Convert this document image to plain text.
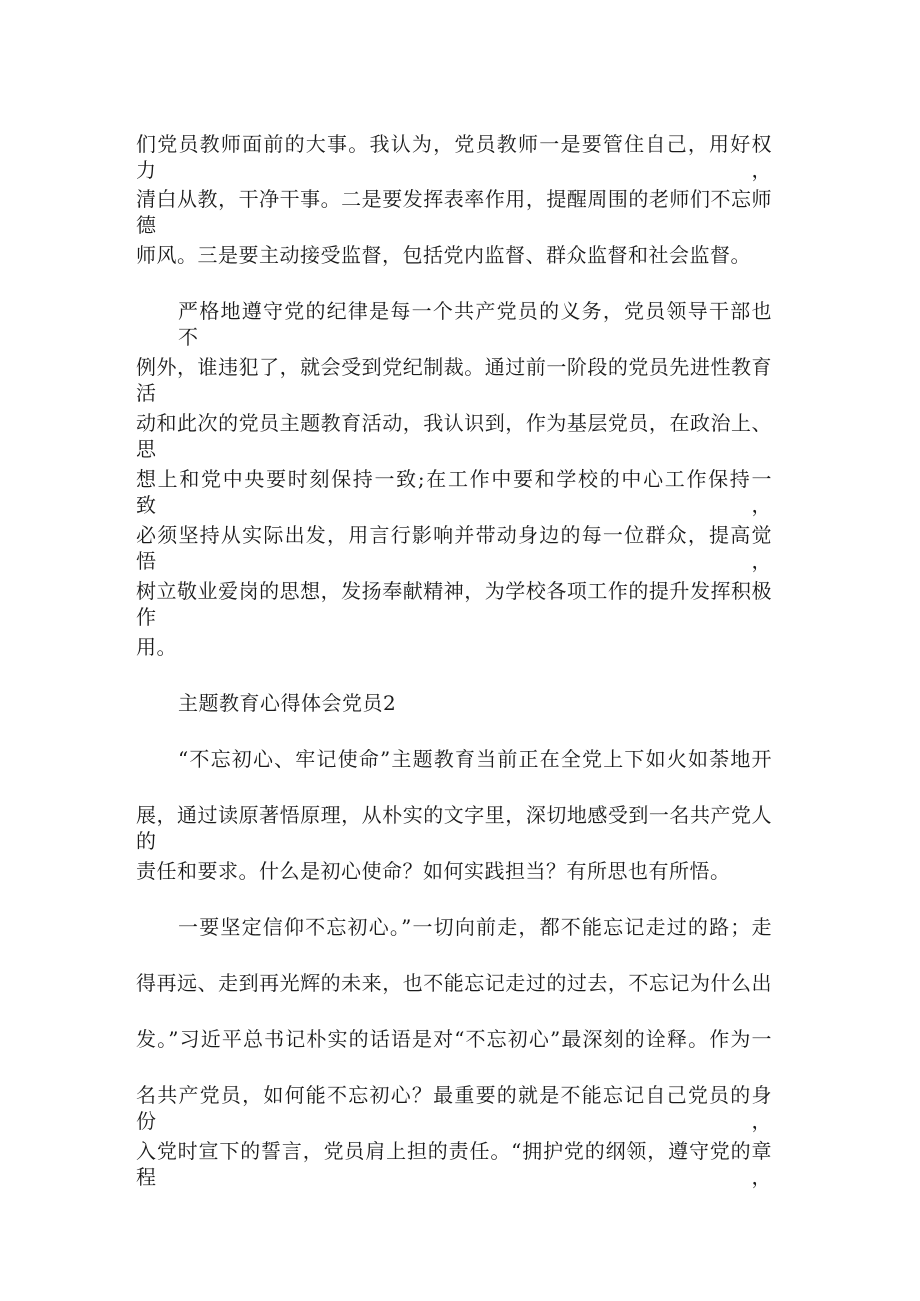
们党员教师面前的大事。我认为，党员教师一是要管住自己，用好权力，
清白从教，干净干事。二是要发挥表率作用，提醒周围的老师们不忘师德
师风。三是要主动接受监督，包括党内监督、群众监督和社会监督。
严格地遵守党的纪律是每一个共产党员的义务，党员领导干部也不
例外，谁违犯了，就会受到党纪制裁。通过前一阶段的党员先进性教育活
动和此次的党员主题教育活动，我认识到，作为基层党员，在政治上、思
想上和党中央要时刻保持一致;在工作中要和学校的中心工作保持一致，
必须坚持从实际出发，用言行影响并带动身边的每一位群众，提高觉悟，
树立敬业爱岗的思想，发扬奉献精神，为学校各项工作的提升发挥积极作
用。
主题教育心得体会党员2
“不忘初心、牢记使命”主题教育当前正在全党上下如火如荼地开
展，通过读原著悟原理，从朴实的文字里，深切地感受到一名共产党人的
责任和要求。什么是初心使命？如何实践担当？有所思也有所悟。
一要坚定信仰不忘初心。”一切向前走，都不能忘记走过的路；走
得再远、走到再光辉的未来，也不能忘记走过的过去，不忘记为什么出
发。”习近平总书记朴实的话语是对“不忘初心”最深刻的诠释。作为一
名共产党员，如何能不忘初心？最重要的就是不能忘记自己党员的身份，
入党时宣下的誓言，党员肩上担的责任。“拥护党的纲领，遵守党的章程，
